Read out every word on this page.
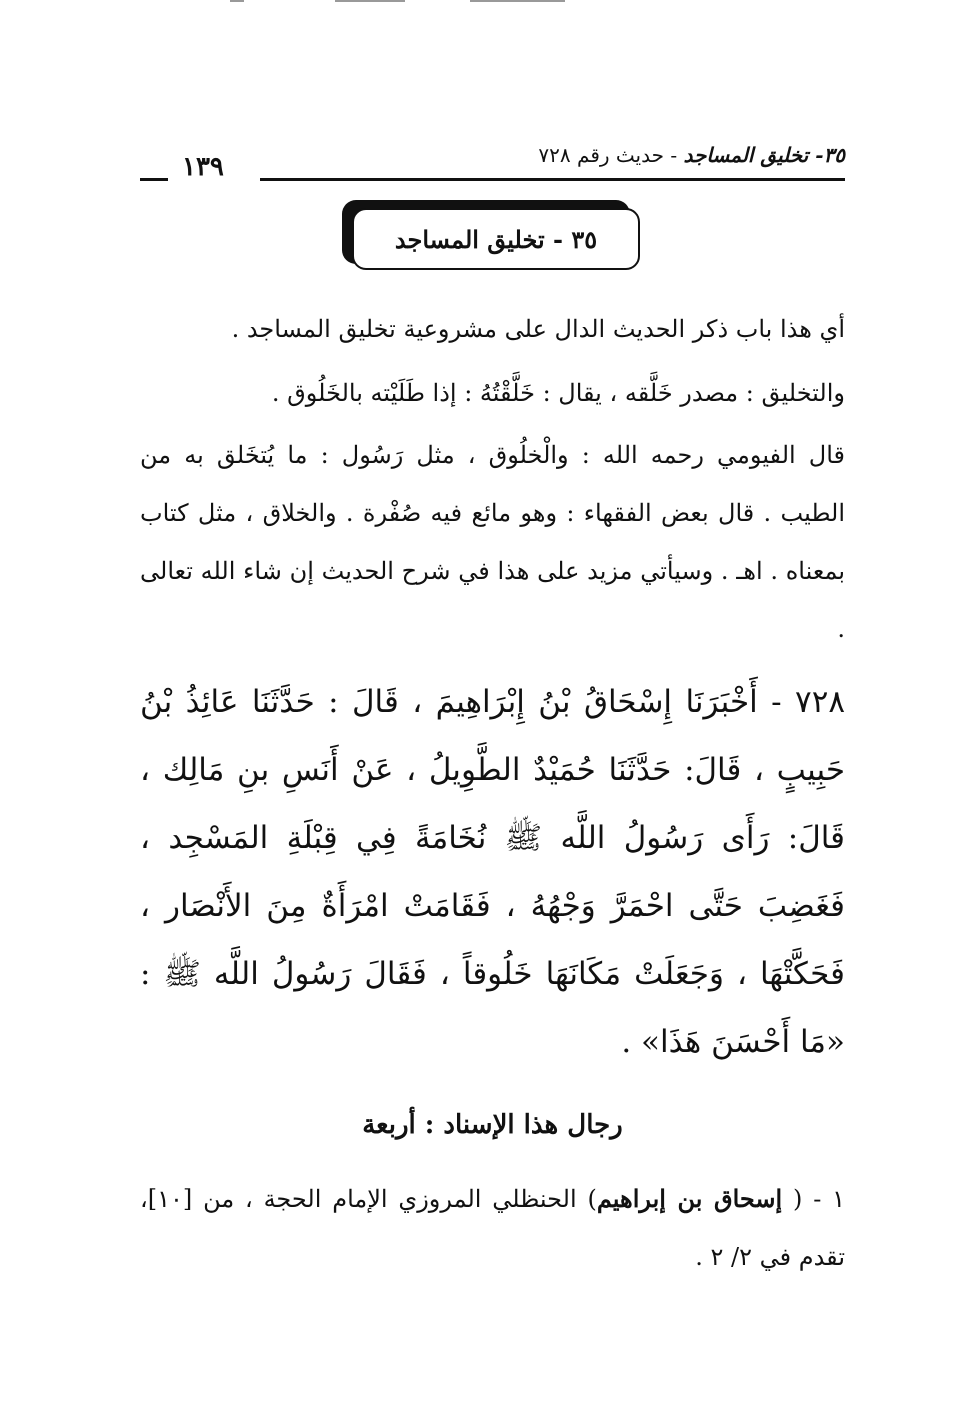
١٣٩	٣٥- تخليق المساجد - حديث رقم ٧٢٨
٣٥ - تخليق المساجد

أي هذا باب ذكر الحديث الدال على مشروعية تخليق المساجد .

والتخليق : مصدر خَلَّقه ، يقال : خَلَّقْتُهُ : إذا طَلَيْته بالخَلُوق .

قال الفيومي رحمه الله : والْخلُوق ، مثل رَسُول : ما يُتخَلق به من الطيب . قال بعض الفقهاء : وهو مائع فيه صُفْرة . والخلاق ، مثل كتاب بمعناه . اهـ . وسيأتي مزيد على هذا في شرح الحديث إن شاء الله تعالى .

٧٢٨ - أَخْبَرَنَا إِسْحَاقُ بْنُ إِبْرَاهِيمَ ، قَالَ : حَدَّثَنَا عَائِذُ بْنُ حَبِيبٍ ، قَالَ: حَدَّثَنَا حُمَيْدٌ الطَّوِيلُ ، عَنْ أَنَسِ بنِ مَالِك ، قَالَ: رَأَى رَسُولُ اللَّه ﷺ نُخَامَةً فِي قِبْلَةِ المَسْجِد ، فَغَضِبَ حَتَّى احْمَرَّ وَجْهُهُ ، فَقَامَتْ امْرَأَةٌ مِنَ الأَنْصَار ، فَحَكَّتْهَا ، وَجَعَلَتْ مَكَانَهَا خَلُوقاً ، فَقَالَ رَسُولُ اللَّه ﷺ : «مَا أَحْسَنَ هَذَا» .

رجال هذا الإسناد : أربعة

١ - ( إسحاق بن إبراهيم) الحنظلي المروزي الإمام الحجة ، من [١٠]، تقدم في ٢/ ٢ .
